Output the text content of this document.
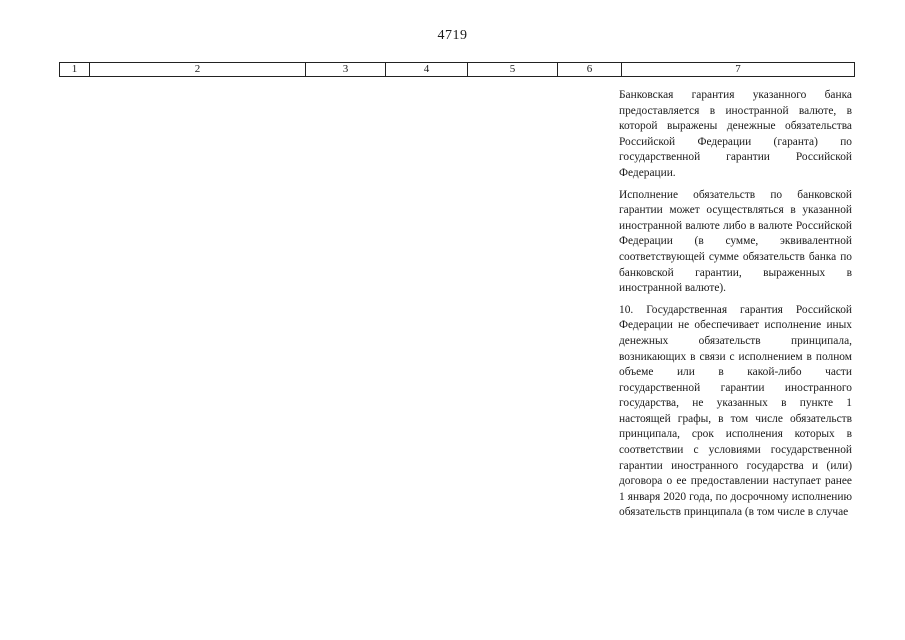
4719
1	2	3	4	5	6	7

Банковская гарантия указанного банка предоставляется в иностранной валюте, в которой выражены денежные обязательства Российской Федерации (гаранта) по государственной гарантии Российской Федерации.

Исполнение обязательств по банковской гарантии может осуществляться в указанной иностранной валюте либо в валюте Российской Федерации (в сумме, эквивалентной соответствующей сумме обязательств банка по банковской гарантии, выраженных в иностранной валюте).

10. Государственная гарантия Российской Федерации не обеспечивает исполнение иных денежных обязательств принципала, возникающих в связи с исполнением в полном объеме или в какой-либо части государственной гарантии иностранного государства, не указанных в пункте 1 настоящей графы, в том числе обязательств принципала, срок исполнения которых в соответствии с условиями государственной гарантии иностранного государства и (или) договора о ее предоставлении наступает ранее 1 января 2020 года, по досрочному исполнению обязательств принципала (в том числе в случае
